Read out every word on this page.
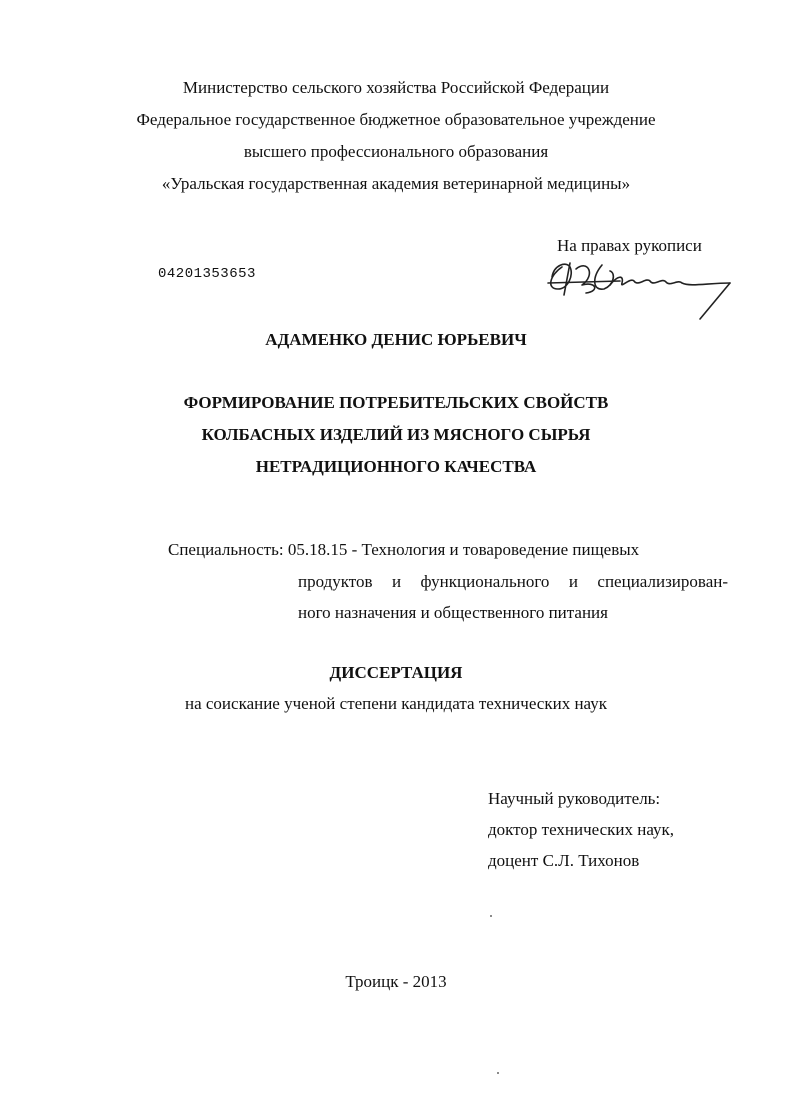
Министерство сельского хозяйства Российской Федерации
Федеральное государственное бюджетное образовательное учреждение
высшего профессионального образования
«Уральская государственная академия ветеринарной медицины»
На правах рукописи
04201353653
АДАМЕНКО ДЕНИС ЮРЬЕВИЧ
ФОРМИРОВАНИЕ ПОТРЕБИТЕЛЬСКИХ СВОЙСТВ
КОЛБАСНЫХ ИЗДЕЛИЙ ИЗ МЯСНОГО СЫРЬЯ
НЕТРАДИЦИОННОГО КАЧЕСТВА
Специальность: 05.18.15 - Технология и товароведение пищевых
продуктов и функционального и специализирован-
ного назначения и общественного питания
ДИССЕРТАЦИЯ
на соискание ученой степени кандидата технических наук
Научный руководитель:
доктор технических наук,
доцент С.Л. Тихонов
Троицк - 2013
